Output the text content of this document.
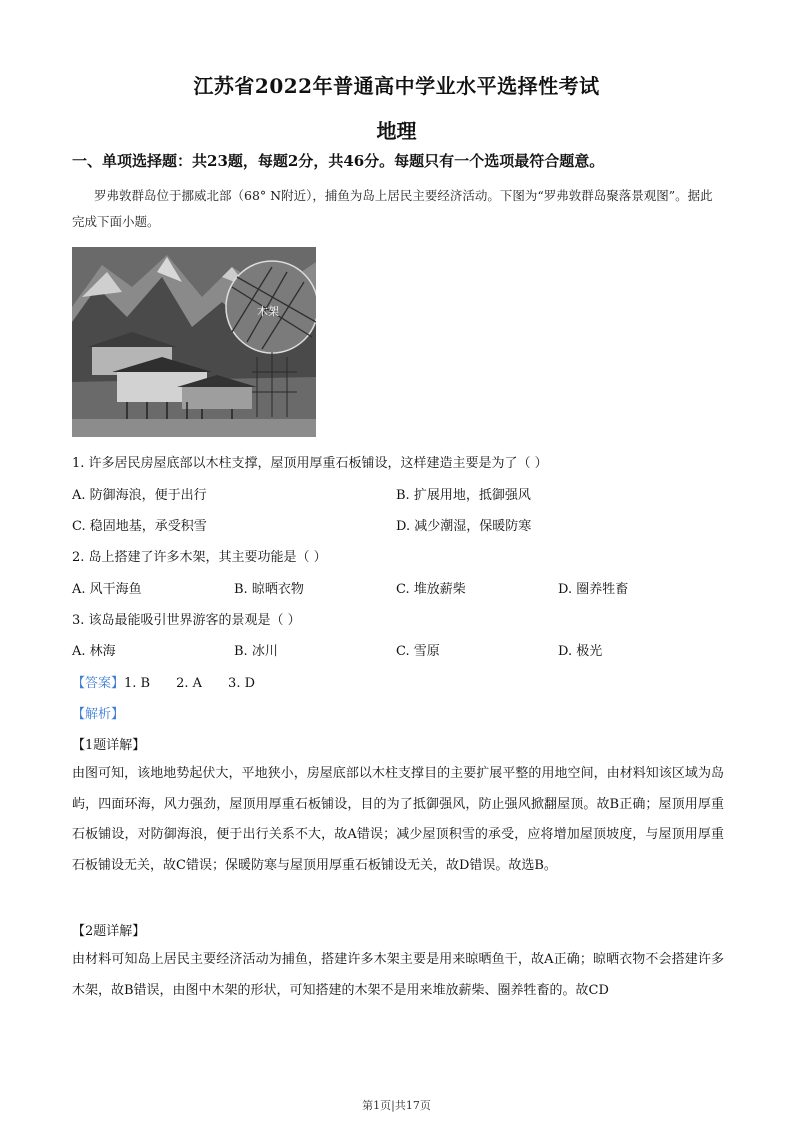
江苏省2022年普通高中学业水平选择性考试
地理
一、单项选择题：共23题，每题2分，共46分。每题只有一个选项最符合题意。
罗弗敦群岛位于挪威北部（68° N附近），捕鱼为岛上居民主要经济活动。下图为“罗弗敦群岛聚落景观图”。据此完成下面小题。
木架
1. 许多居民房屋底部以木柱支撑，屋顶用厚重石板铺设，这样建造主要是为了（ ）
A. 防御海浪，便于出行	B. 扩展用地，抵御强风
C. 稳固地基，承受积雪	D. 减少潮湿，保暖防寒
2. 岛上搭建了许多木架，其主要功能是（ ）
A. 风干海鱼	B. 晾晒衣物	C. 堆放薪柴	D. 圈养牲畜
3. 该岛最能吸引世界游客的景观是（ ）
A. 林海	B. 冰川	C. 雪原	D. 极光
【答案】1. B 2. A 3. D
【解析】
【1题详解】
由图可知，该地地势起伏大，平地狭小，房屋底部以木柱支撑目的主要扩展平整的用地空间，由材料知该区域为岛屿，四面环海，风力强劲，屋顶用厚重石板铺设，目的为了抵御强风，防止强风掀翻屋顶。故B正确；屋顶用厚重石板铺设，对防御海浪，便于出行关系不大，故A错误；减少屋顶积雪的承受，应将增加屋顶坡度，与屋顶用厚重石板铺设无关，故C错误；保暖防寒与屋顶用厚重石板铺设无关，故D错误。故选B。
【2题详解】
由材料可知岛上居民主要经济活动为捕鱼，搭建许多木架主要是用来晾晒鱼干，故A正确；晾晒衣物不会搭建许多木架，故B错误，由图中木架的形状，可知搭建的木架不是用来堆放薪柴、圈养牲畜的。故CD
第1页|共17页
